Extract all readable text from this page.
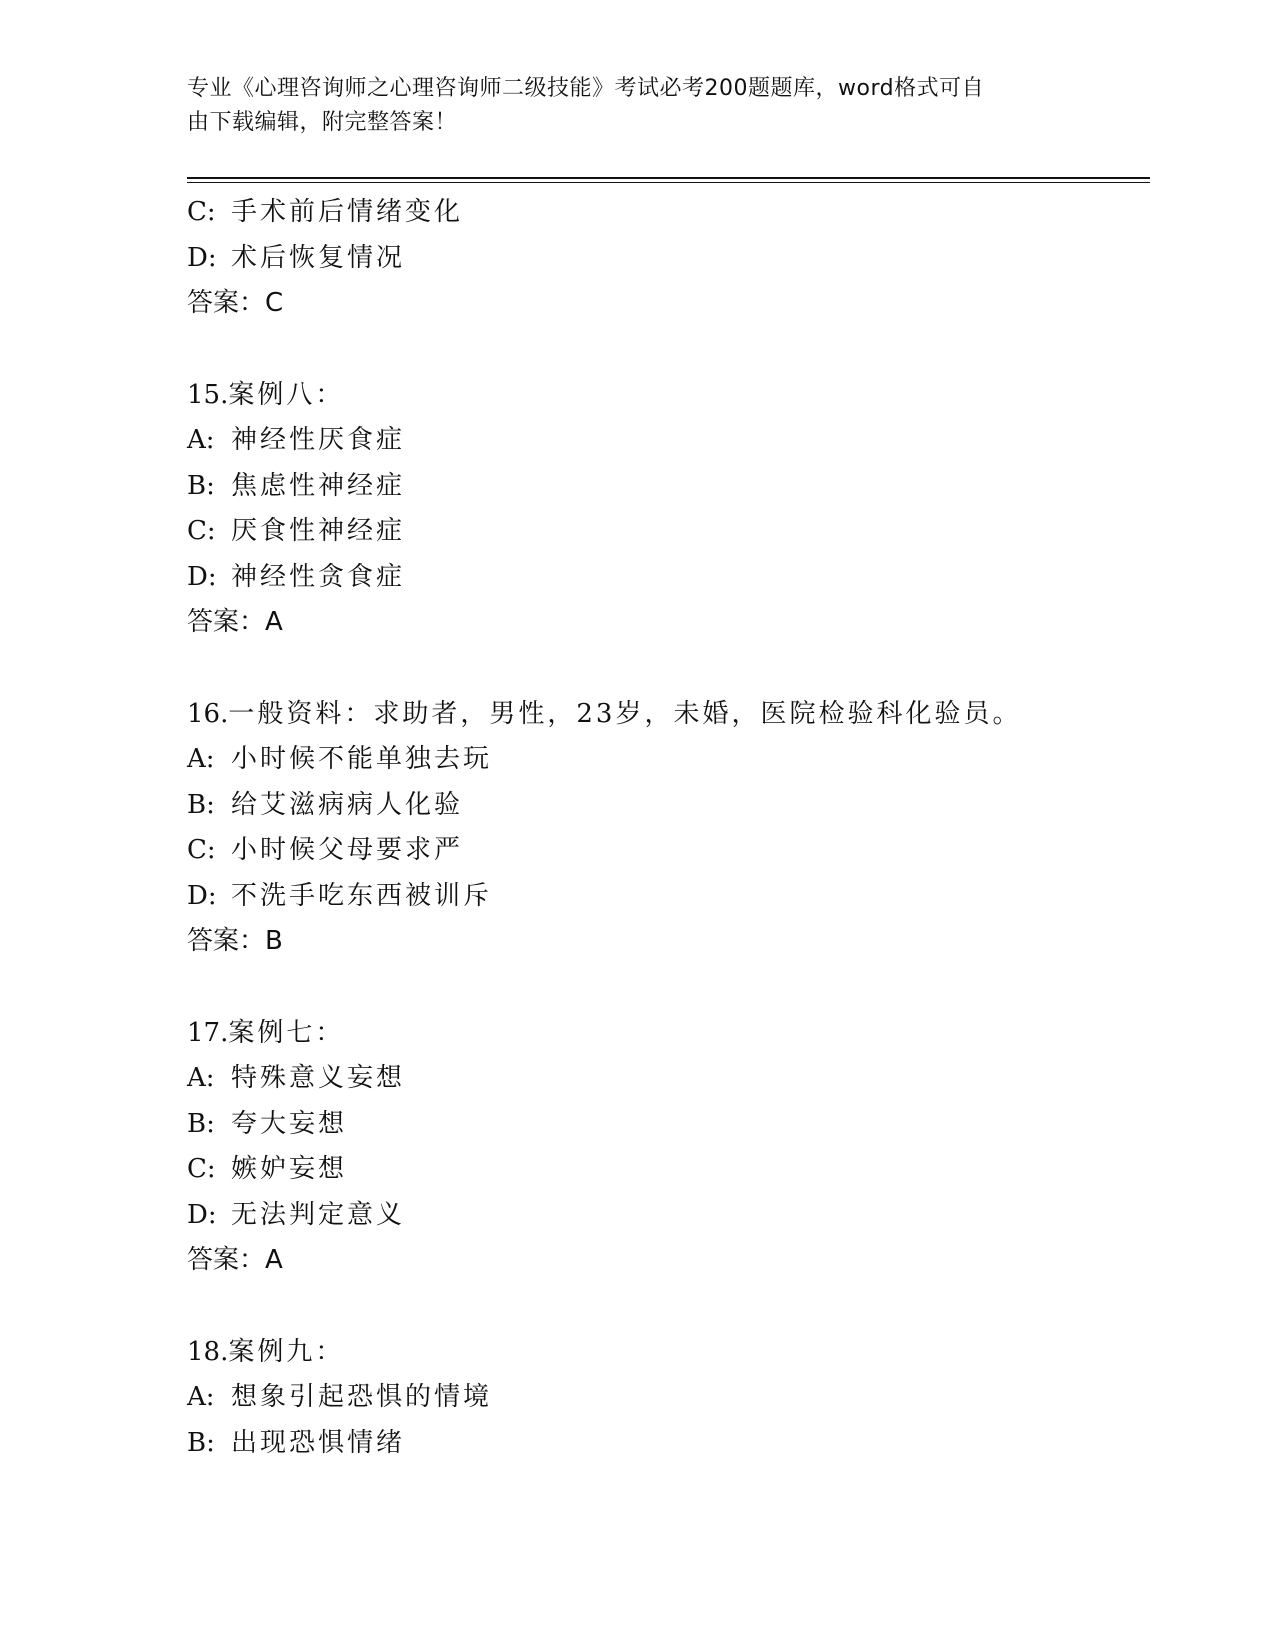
专业《心理咨询师之心理咨询师二级技能》考试必考200题题库，word格式可自
由下载编辑，附完整答案！
C: 手术前后情绪变化
D: 术后恢复情况
答案：C
15.案例八：
A: 神经性厌食症
B: 焦虑性神经症
C: 厌食性神经症
D: 神经性贪食症
答案：A
16.一般资料：求助者，男性，23岁，未婚，医院检验科化验员。
A: 小时候不能单独去玩
B: 给艾滋病病人化验
C: 小时候父母要求严
D: 不洗手吃东西被训斥
答案：B
17.案例七：
A: 特殊意义妄想
B: 夸大妄想
C: 嫉妒妄想
D: 无法判定意义
答案：A
18.案例九：
A: 想象引起恐惧的情境
B: 出现恐惧情绪
